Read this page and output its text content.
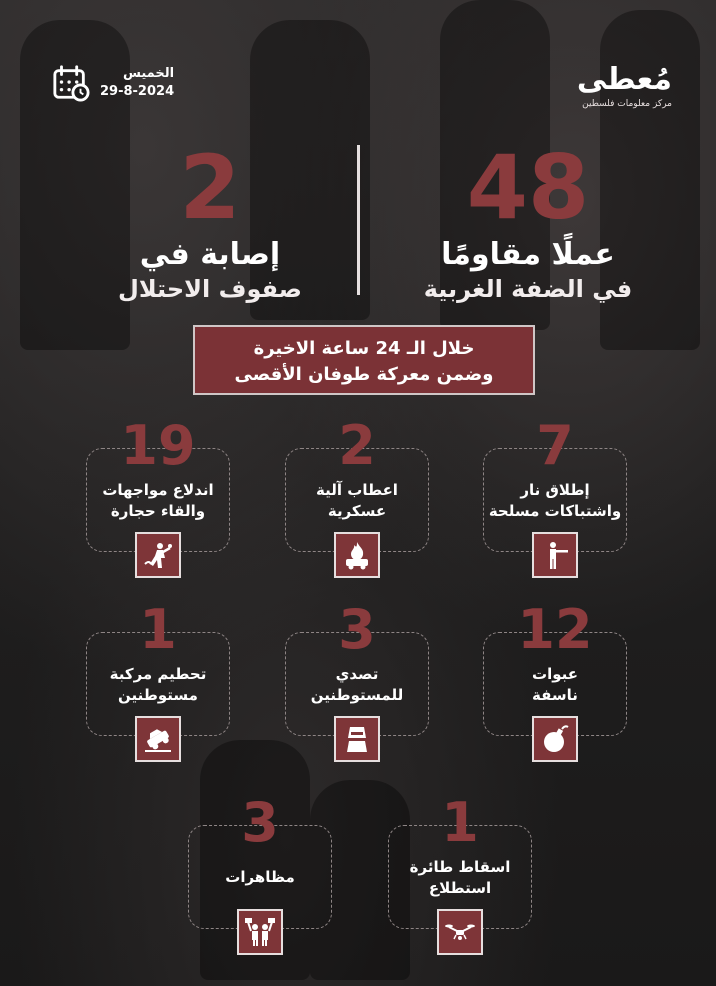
مُعطى
مركز معلومات فلسطين
الخميس
29-8-2024
48
عملًا مقاومًا
في الضفة الغربية
2
إصابة في
صفوف الاحتلال
خلال الـ 24 ساعة الاخيرة
وضمن معركة طوفان الأقصى
7
إطلاق نار
واشتباكات مسلحة
2
اعطاب آلية
عسكرية
19
اندلاع مواجهات
والقاء حجارة
12
عبوات
ناسفة
3
تصدي
للمستوطنين
1
تحطيم مركبة
مستوطنين
1
اسقاط طائرة
استطلاع
3
مظاهرات
